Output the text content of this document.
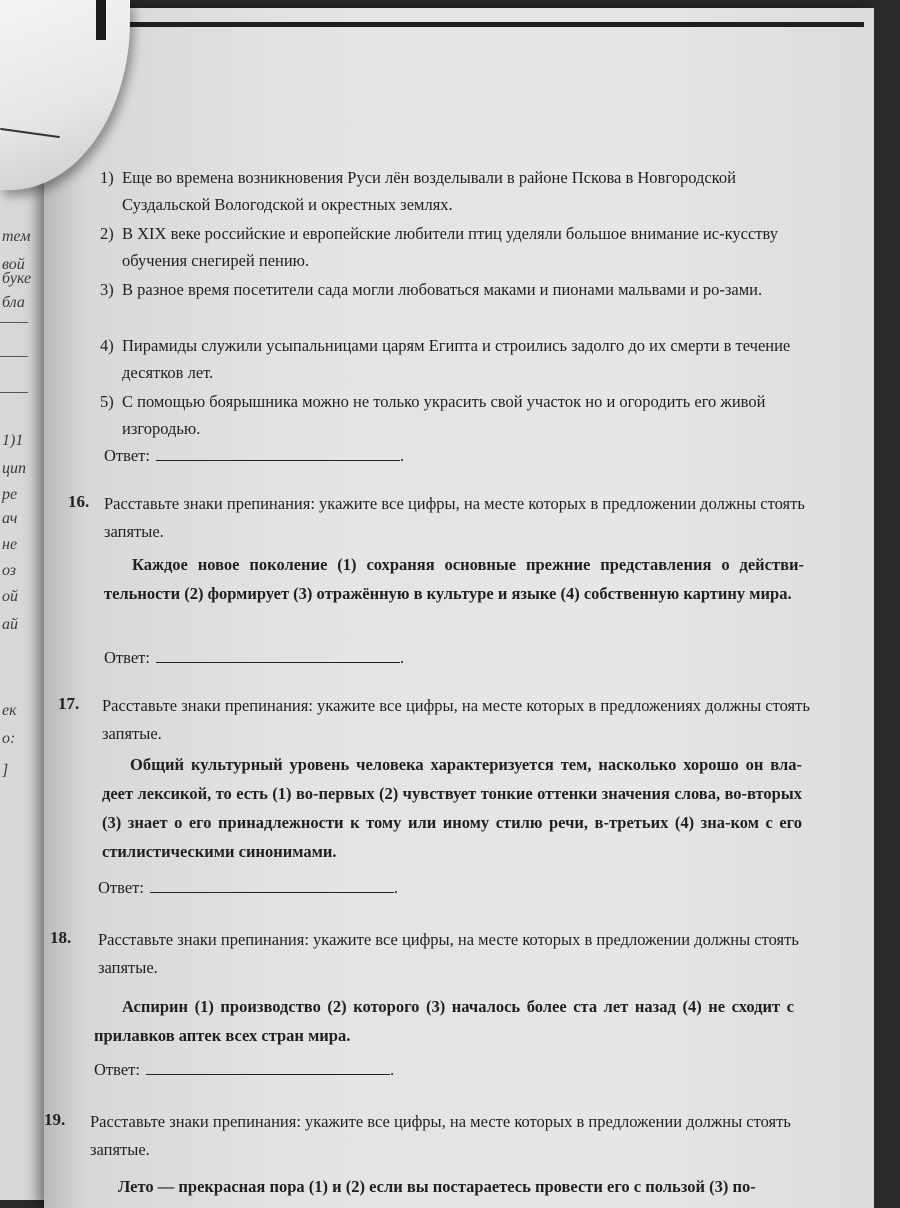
тем
вой
буке
бла
1)1
цип
ре
ач
не
оз
ой
ай
ек
о:
]
1) Еще во времена возникновения Руси лён возделывали в районе Пскова в Новгородской Суздальской Вологодской и окрестных землях.
2) В XIX веке российские и европейские любители птиц уделяли большое внимание ис-кусству обучения снегирей пению.
3) В разное время посетители сада могли любоваться маками и пионами мальвами и ро-зами.
4) Пирамиды служили усыпальницами царям Египта и строились задолго до их смерти в течение десятков лет.
5) С помощью боярышника можно не только украсить свой участок но и огородить его живой изгородью.
Ответ:	.
16. Расставьте знаки препинания: укажите все цифры, на месте которых в предложении должны стоять запятые.
Каждое новое поколение (1) сохраняя основные прежние представления о действи-тельности (2) формирует (3) отражённую в культуре и языке (4) собственную картину мира.
Ответ:	.
17. Расставьте знаки препинания: укажите все цифры, на месте которых в предложениях должны стоять запятые.
Общий культурный уровень человека характеризуется тем, насколько хорошо он вла-деет лексикой, то есть (1) во-первых (2) чувствует тонкие оттенки значения слова, во-вторых (3) знает о его принадлежности к тому или иному стилю речи, в-третьих (4) зна-ком с его стилистическими синонимами.
Ответ:	.
18. Расставьте знаки препинания: укажите все цифры, на месте которых в предложении должны стоять запятые.
Аспирин (1) производство (2) которого (3) началось более ста лет назад (4) не сходит с прилавков аптек всех стран мира.
Ответ:	.
19. Расставьте знаки препинания: укажите все цифры, на месте которых в предложении должны стоять запятые.
Лето — прекрасная пора (1) и (2) если вы постараетесь провести его с пользой (3) по-
